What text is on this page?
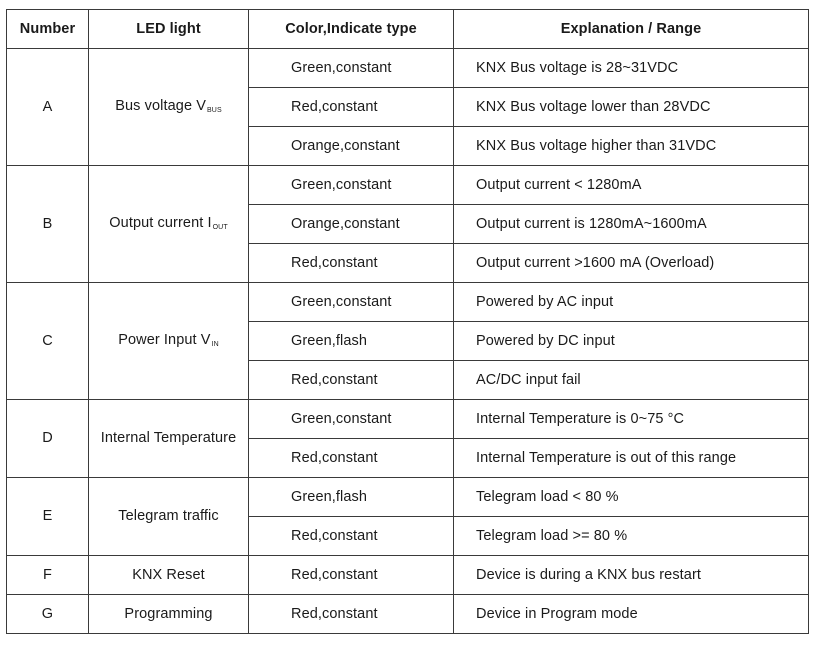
Number	LED light	Color,Indicate type	Explanation / Range
A	Bus voltage $V_{BUS}$	Green,constant	KNX Bus voltage is 28~31VDC
		Red,constant	KNX Bus voltage lower than 28VDC
		Orange,constant	KNX Bus voltage higher than 31VDC
B	Output current $I_{OUT}$	Green,constant	Output current < 1280mA
		Orange,constant	Output current is 1280mA~1600mA
		Red,constant	Output current >1600 mA (Overload)
C	Power Input $V_{IN}$	Green,constant	Powered by AC input
		Green,flash	Powered by DC input
		Red,constant	AC/DC input fail
D	Internal Temperature	Green,constant	Internal Temperature is 0~75 °C
		Red,constant	Internal Temperature is out of this range
E	Telegram traffic	Green,flash	Telegram load < 80 %
		Red,constant	Telegram load >= 80 %
F	KNX Reset	Red,constant	Device is during a KNX bus restart
G	Programming	Red,constant	Device in Program mode
